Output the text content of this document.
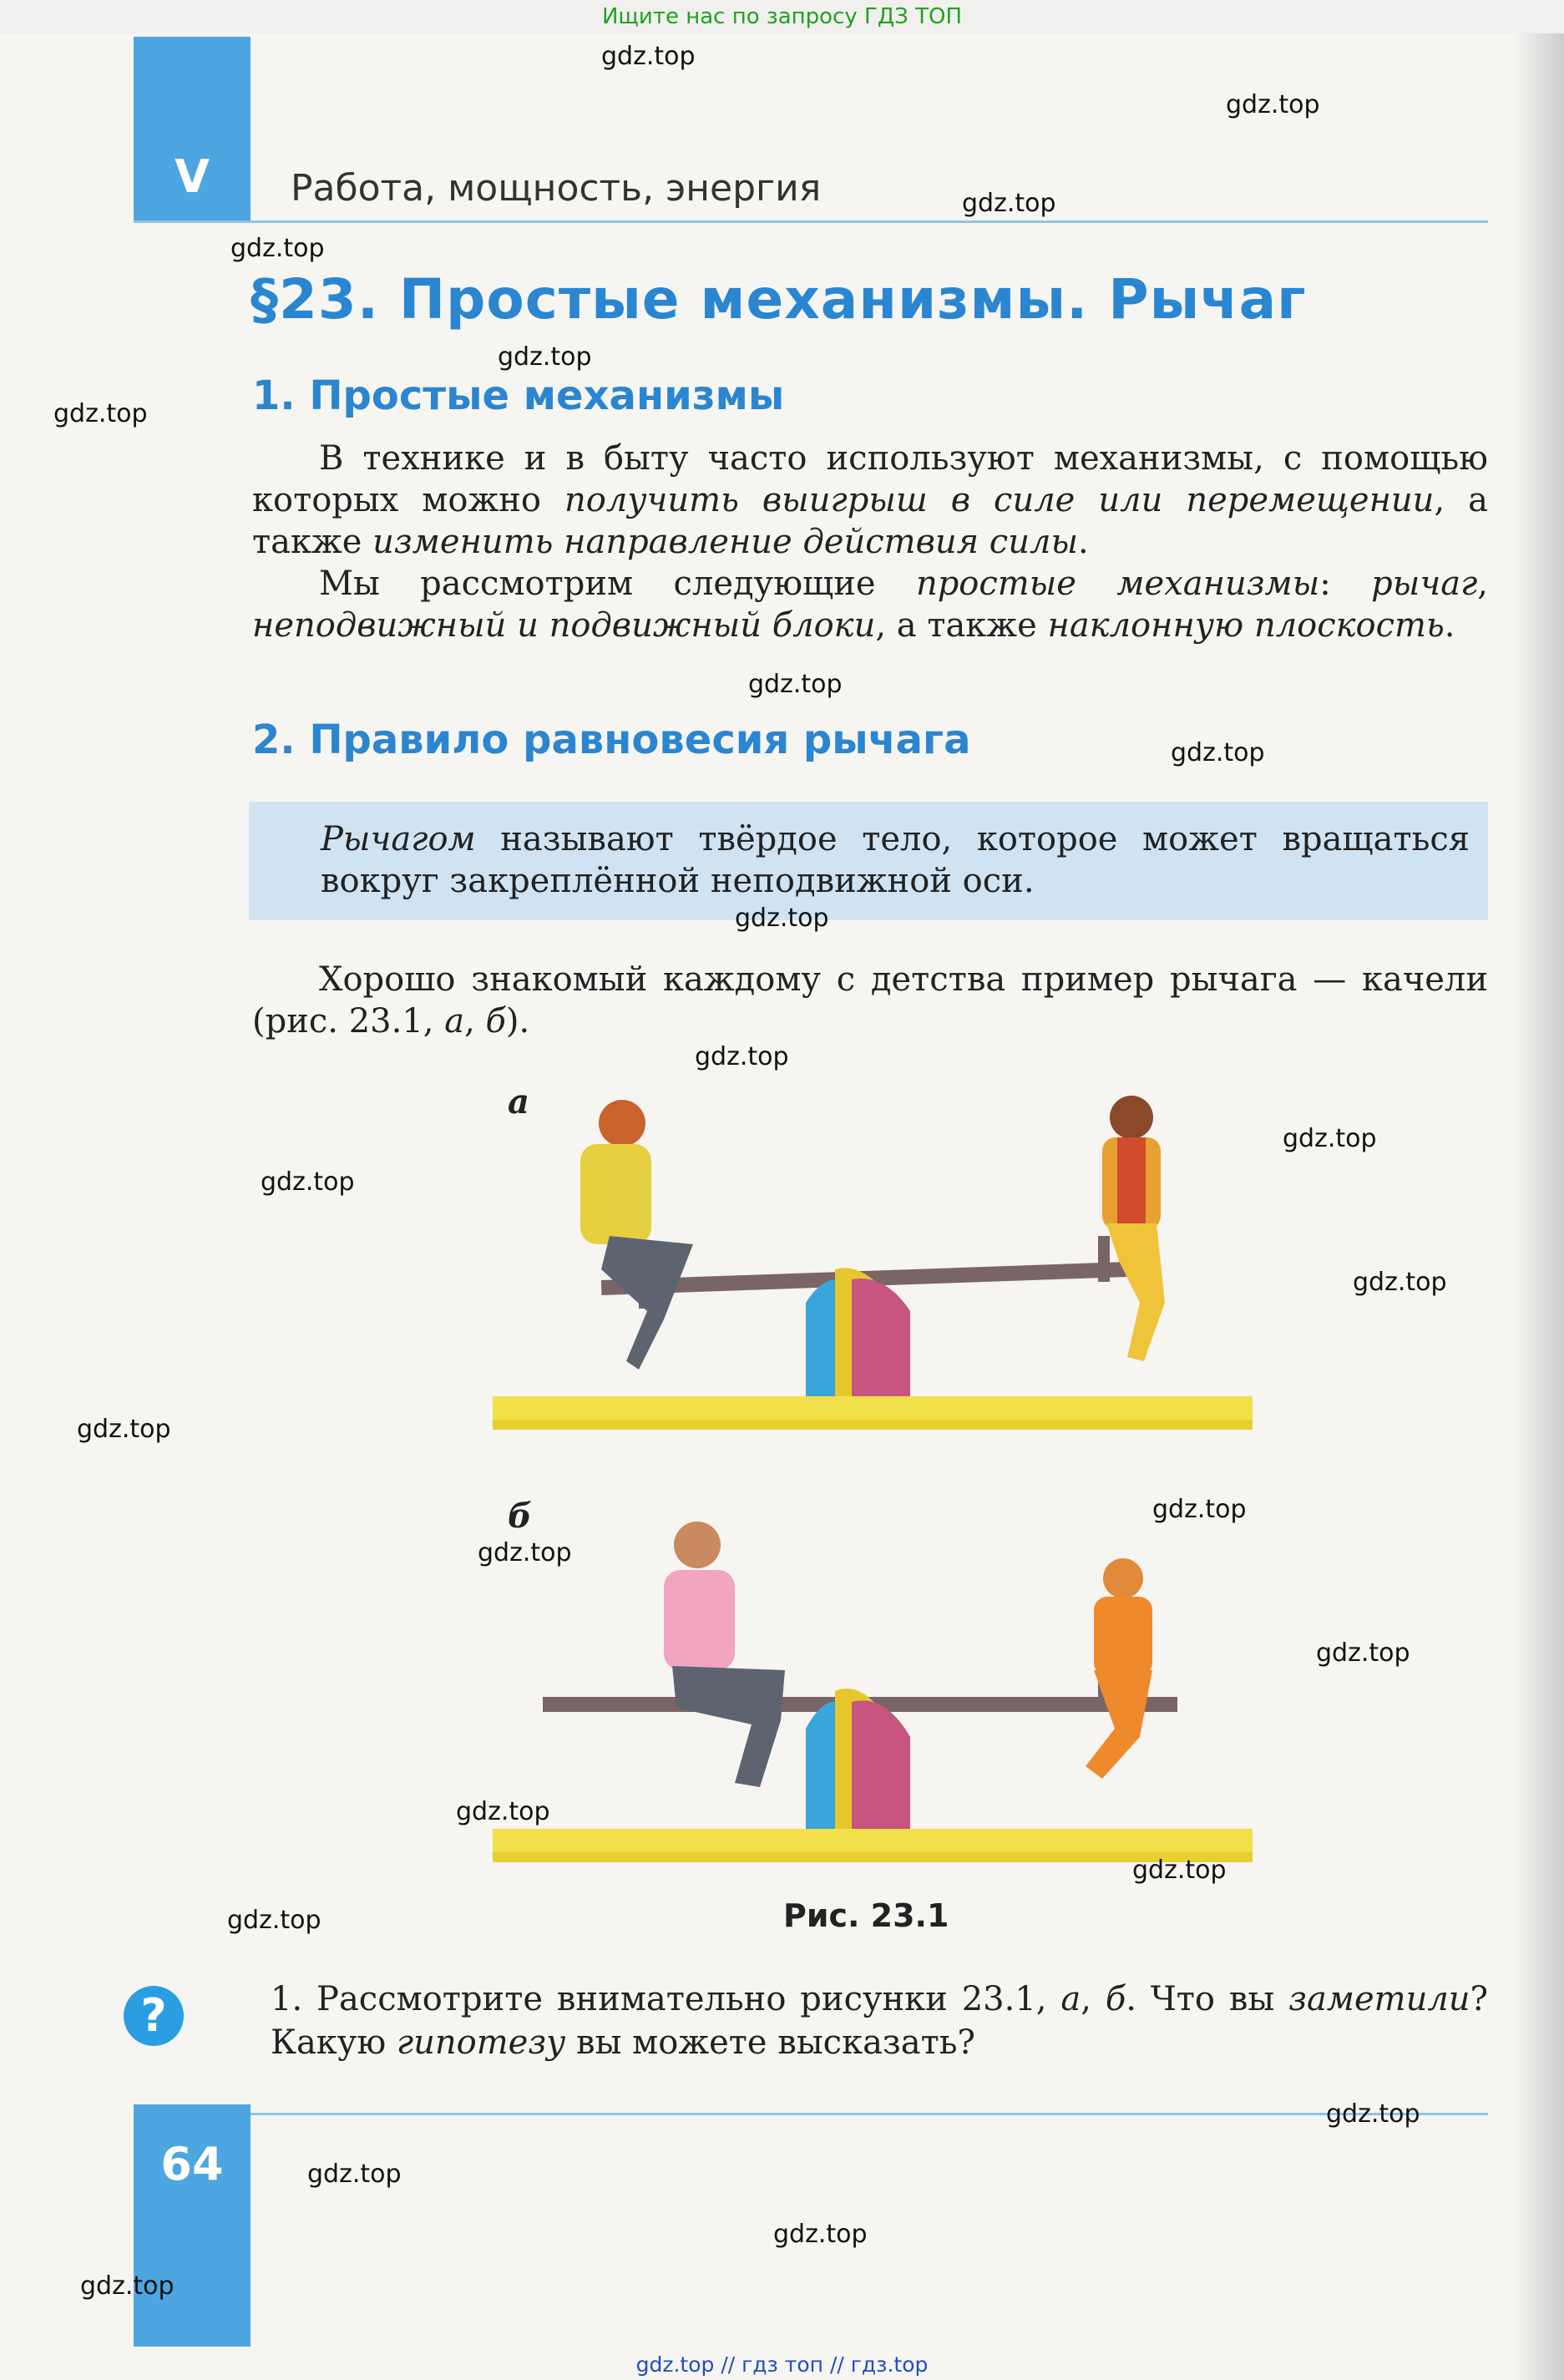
Ищите нас по запросу ГДЗ ТОП
V	Работа, мощность, энергия
§23. Простые механизмы. Рычаг
1. Простые механизмы

В технике и в быту часто используют механизмы, с помощью которых можно получить выигрыш в силе или перемещении, а также изменить направление действия силы.

Мы рассмотрим следующие простые механизмы: рычаг, неподвижный и подвижный блоки, а также наклонную плоскость.

2. Правило равновесия рычага
Рычагом называют твёрдое тело, которое может вращаться вокруг закреплённой неподвижной оси.

Хорошо знакомый каждому с детства пример рычага — качели (рис. 23.1, а, б).

а
б
Рис. 23.1
?	1. Рассмотрите внимательно рисунки 23.1, а, б. Что вы заметили? Какую гипотезу вы можете высказать?
64
gdz.top
gdz.top
gdz.top
gdz.top
gdz.top
gdz.top
gdz.top
gdz.top
gdz.top
gdz.top
gdz.top
gdz.top
gdz.top
gdz.top
gdz.top
gdz.top
gdz.top
gdz.top
gdz.top
gdz.top
gdz.top
gdz.top
gdz.top
gdz.top
gdz.top // гдз топ // гдз.top
